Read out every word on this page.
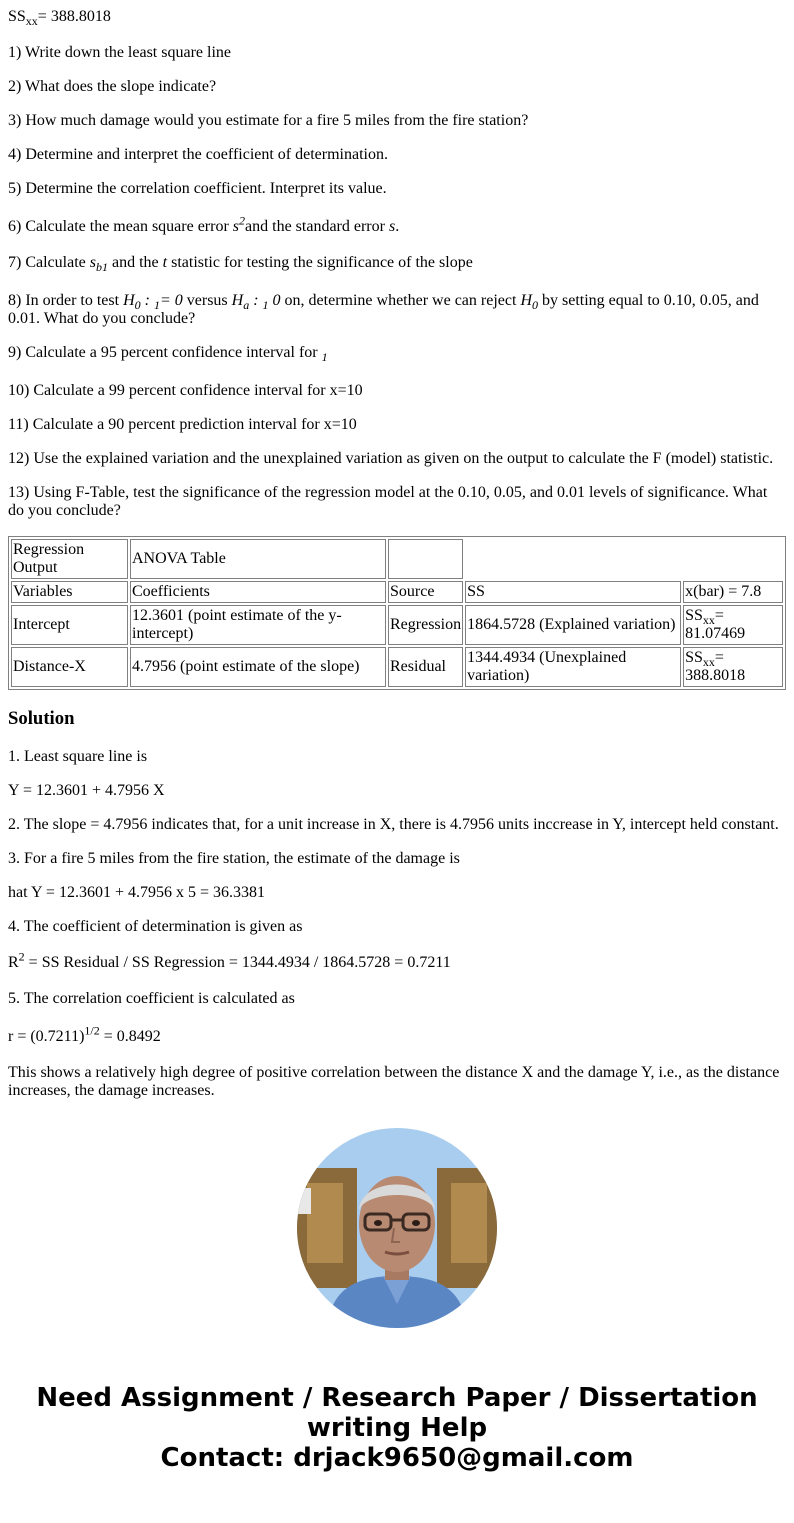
$SS_{xx}= 388.8018$

1) Write down the least square line

2) What does the slope indicate?

3) How much damage would you estimate for a fire 5 miles from the fire station?

4) Determine and interpret the coefficient of determination.

5) Determine the correlation coefficient. Interpret its value.

6) Calculate the mean square error $s^2and$ the standard error s.

7) Calculate $s_{b1}$ and the t statistic for testing the significance of the slope

8) In order to test $H_0$ : $_1$= 0 versus $H_a$ : $_1$ 0 on, determine whether we can reject $H_0$ by setting equal to 0.10, 0.05, and 0.01. What do you conclude?

9) Calculate a 95 percent confidence interval for $_1$

10) Calculate a 99 percent confidence interval for x=10

11) Calculate a 90 percent prediction interval for x=10

12) Use the explained variation and the unexplained variation as given on the output to calculate the F (model) statistic.

13) Using F-Table, test the significance of the regression model at the 0.10, 0.05, and 0.01 levels of significance. What do you conclude?

Regression Output	ANOVA Table			
Variables	Coefficients	Source	SS	x(bar) = 7.8
Intercept	12.3601 (point estimate of the y-intercept)	Regression	1864.5728 (Explained variation)	$SS_{xx}= 81.07469$
Distance-X	4.7956 (point estimate of the slope)	Residual	1344.4934 (Unexplained variation)	$SS_{xx}= 388.8018$
Solution

1. Least square line is

Y = 12.3601 + 4.7956 X

2. The slope = 4.7956 indicates that, for a unit increase in X, there is 4.7956 units inccrease in Y, intercept held constant.

3. For a fire 5 miles from the fire station, the estimate of the damage is

hat Y = 12.3601 + 4.7956 x 5 = 36.3381

4. The coefficient of determination is given as

$R^2$ = SS Residual / SS Regression = 1344.4934 / 1864.5728 = 0.7211

5. The correlation coefficient is calculated as

$r = (0.7211)^{1/2} = 0.8492$

This shows a relatively high degree of positive correlation between the distance X and the damage Y, i.e., as the distance increases, the damage increases.

Need Assignment / Research Paper / Dissertation writing Help
Contact: drjack9650@gmail.com
